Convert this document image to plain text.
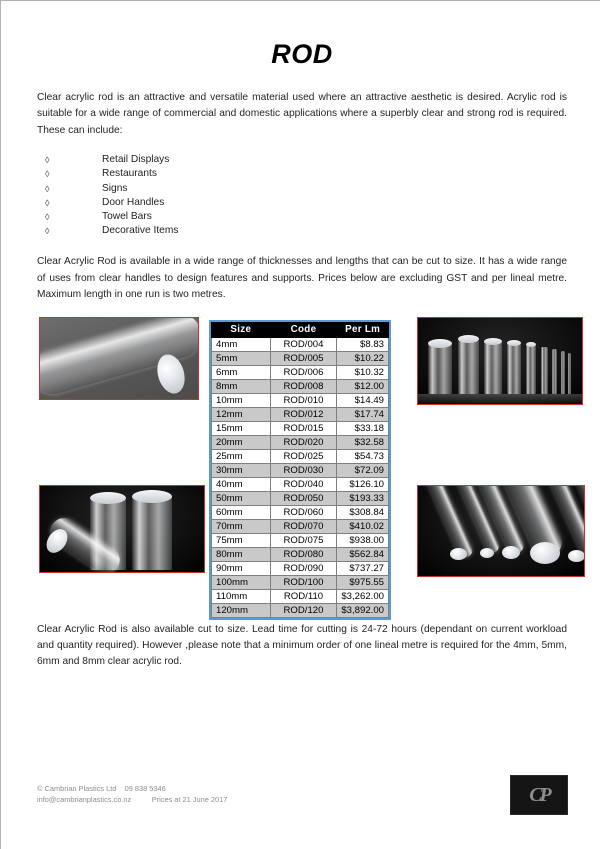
ROD

Clear acrylic rod is an attractive and versatile material used where an attractive aesthetic is desired. Acrylic rod is suitable for a wide range of commercial and domestic applications where a superbly clear and strong rod is required. These can include:

◊	Retail Displays
◊	Restaurants
◊	Signs
◊	Door Handles
◊	Towel Bars
◊	Decorative Items

Clear Acrylic Rod is available in a wide range of thicknesses and lengths that can be cut to size. It has a wide range of uses from clear handles to design features and supports. Prices below are excluding GST and per lineal metre. Maximum length in one run is two metres.

Size	Code	Per Lm
4mm	ROD/004	$8.83
5mm	ROD/005	$10.22
6mm	ROD/006	$10.32
8mm	ROD/008	$12.00
10mm	ROD/010	$14.49
12mm	ROD/012	$17.74
15mm	ROD/015	$33.18
20mm	ROD/020	$32.58
25mm	ROD/025	$54.73
30mm	ROD/030	$72.09
40mm	ROD/040	$126.10
50mm	ROD/050	$193.33
60mm	ROD/060	$308.84
70mm	ROD/070	$410.02
75mm	ROD/075	$938.00
80mm	ROD/080	$562.84
90mm	ROD/090	$737.27
100mm	ROD/100	$975.55
110mm	ROD/110	$3,262.00
120mm	ROD/120	$3,892.00

Clear Acrylic Rod is also available cut to size. Lead time for cutting is 24-72 hours (dependant on current workload and quantity required). However ,please note that a minimum order of one lineal metre is required for the 4mm, 5mm, 6mm and 8mm clear acrylic rod.

© Cambrian Plastics Ltd    09 838 5346
info@cambrianplastics.co.nz          Prices at 21 June 2017	CP
